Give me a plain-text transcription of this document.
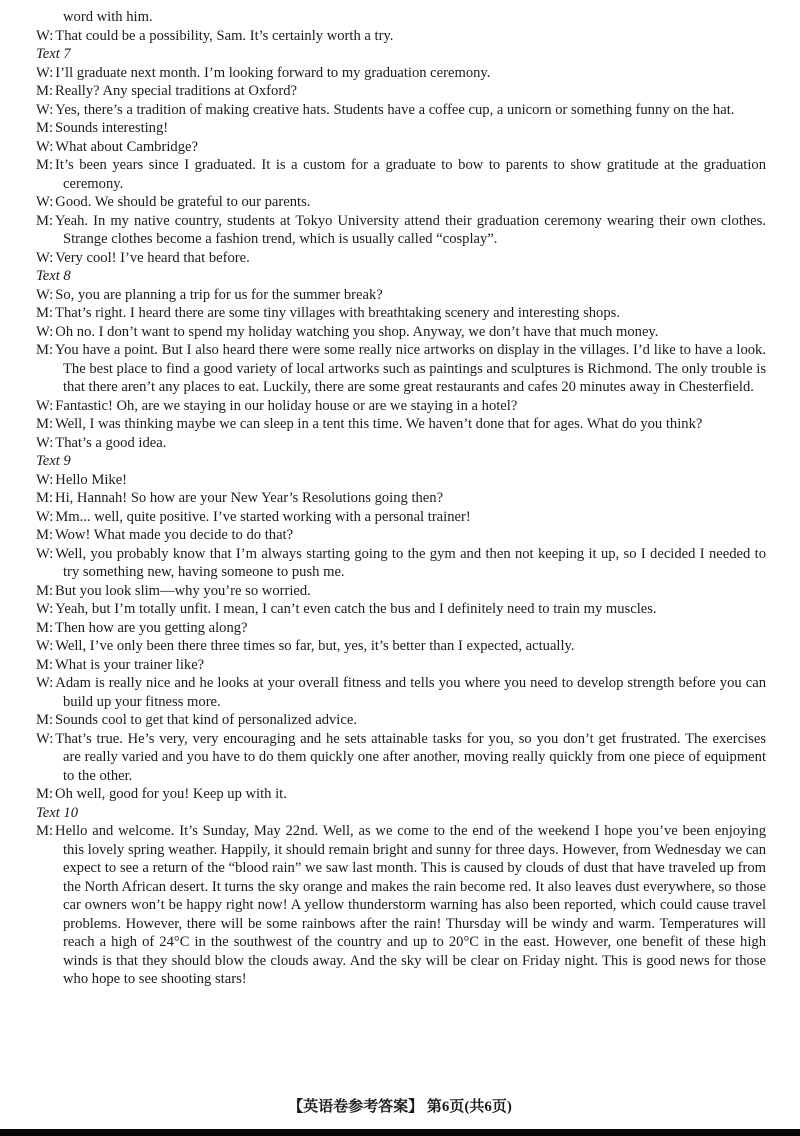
word with him.
W: That could be a possibility, Sam. It’s certainly worth a try.
Text 7
W: I’ll graduate next month. I’m looking forward to my graduation ceremony.
M: Really? Any special traditions at Oxford?
W: Yes, there’s a tradition of making creative hats. Students have a coffee cup, a unicorn or something funny on the hat.
M: Sounds interesting!
W: What about Cambridge?
M: It’s been years since I graduated. It is a custom for a graduate to bow to parents to show gratitude at the graduation ceremony.
W: Good. We should be grateful to our parents.
M: Yeah. In my native country, students at Tokyo University attend their graduation ceremony wearing their own clothes. Strange clothes become a fashion trend, which is usually called “cosplay”.
W: Very cool! I’ve heard that before.
Text 8
W: So, you are planning a trip for us for the summer break?
M: That’s right. I heard there are some tiny villages with breathtaking scenery and interesting shops.
W: Oh no. I don’t want to spend my holiday watching you shop. Anyway, we don’t have that much money.
M: You have a point. But I also heard there were some really nice artworks on display in the villages. I’d like to have a look. The best place to find a good variety of local artworks such as paintings and sculptures is Richmond. The only trouble is that there aren’t any places to eat. Luckily, there are some great restaurants and cafes 20 minutes away in Chesterfield.
W: Fantastic! Oh, are we staying in our holiday house or are we staying in a hotel?
M: Well, I was thinking maybe we can sleep in a tent this time. We haven’t done that for ages. What do you think?
W: That’s a good idea.
Text 9
W: Hello Mike!
M: Hi, Hannah! So how are your New Year’s Resolutions going then?
W: Mm... well, quite positive. I’ve started working with a personal trainer!
M: Wow! What made you decide to do that?
W: Well, you probably know that I’m always starting going to the gym and then not keeping it up, so I decided I needed to try something new, having someone to push me.
M: But you look slim—why you’re so worried.
W: Yeah, but I’m totally unfit. I mean, I can’t even catch the bus and I definitely need to train my muscles.
M: Then how are you getting along?
W: Well, I’ve only been there three times so far, but, yes, it’s better than I expected, actually.
M: What is your trainer like?
W: Adam is really nice and he looks at your overall fitness and tells you where you need to develop strength before you can build up your fitness more.
M: Sounds cool to get that kind of personalized advice.
W: That’s true. He’s very, very encouraging and he sets attainable tasks for you, so you don’t get frustrated. The exercises are really varied and you have to do them quickly one after another, moving really quickly from one piece of equipment to the other.
M: Oh well, good for you! Keep up with it.
Text 10
M: Hello and welcome. It’s Sunday, May 22nd. Well, as we come to the end of the weekend I hope you’ve been enjoying this lovely spring weather. Happily, it should remain bright and sunny for three days. However, from Wednesday we can expect to see a return of the “blood rain” we saw last month. This is caused by clouds of dust that have traveled up from the North African desert. It turns the sky orange and makes the rain become red. It also leaves dust everywhere, so those car owners won’t be happy right now! A yellow thunderstorm warning has also been reported, which could cause travel problems. However, there will be some rainbows after the rain! Thursday will be windy and warm. Temperatures will reach a high of 24°C in the southwest of the country and up to 20°C in the east. However, one benefit of these high winds is that they should blow the clouds away. And the sky will be clear on Friday night. This is good news for those who hope to see shooting stars!
【英语卷参考答案】 第6页(共6页)
